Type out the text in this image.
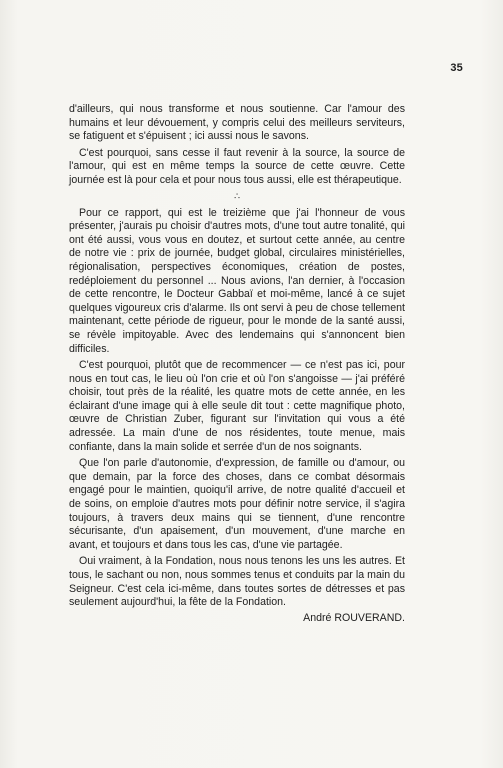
35

d'ailleurs, qui nous transforme et nous soutienne. Car l'amour des humains et leur dévouement, y compris celui des meilleurs serviteurs, se fatiguent et s'épuisent ; ici aussi nous le savons.

C'est pourquoi, sans cesse il faut revenir à la source, la source de l'amour, qui est en même temps la source de cette œuvre. Cette journée est là pour cela et pour nous tous aussi, elle est thérapeutique.

∴

Pour ce rapport, qui est le treizième que j'ai l'honneur de vous présenter, j'aurais pu choisir d'autres mots, d'une tout autre tonalité, qui ont été aussi, vous vous en doutez, et surtout cette année, au centre de notre vie : prix de journée, budget global, circulaires ministérielles, régionalisation, perspectives économiques, création de postes, redéploiement du personnel ... Nous avions, l'an dernier, à l'occasion de cette rencontre, le Docteur Gabbaï et moi-même, lancé à ce sujet quelques vigoureux cris d'alarme. Ils ont servi à peu de chose tellement maintenant, cette période de rigueur, pour le monde de la santé aussi, se révèle impitoyable. Avec des lendemains qui s'annoncent bien difficiles.

C'est pourquoi, plutôt que de recommencer — ce n'est pas ici, pour nous en tout cas, le lieu où l'on crie et où l'on s'angoisse — j'ai préféré choisir, tout près de la réalité, les quatre mots de cette année, en les éclairant d'une image qui à elle seule dit tout : cette magnifique photo, œuvre de Christian Zuber, figurant sur l'invitation qui vous a été adressée. La main d'une de nos résidentes, toute menue, mais confiante, dans la main solide et serrée d'un de nos soignants.

Que l'on parle d'autonomie, d'expression, de famille ou d'amour, ou que demain, par la force des choses, dans ce combat désormais engagé pour le maintien, quoiqu'il arrive, de notre qualité d'accueil et de soins, on emploie d'autres mots pour définir notre service, il s'agira toujours, à travers deux mains qui se tiennent, d'une rencontre sécurisante, d'un apaisement, d'un mouvement, d'une marche en avant, et toujours et dans tous les cas, d'une vie partagée.

Oui vraiment, à la Fondation, nous nous tenons les uns les autres. Et tous, le sachant ou non, nous sommes tenus et conduits par la main du Seigneur. C'est cela ici-même, dans toutes sortes de détresses et pas seulement aujourd'hui, la fête de la Fondation.

André ROUVERAND.
